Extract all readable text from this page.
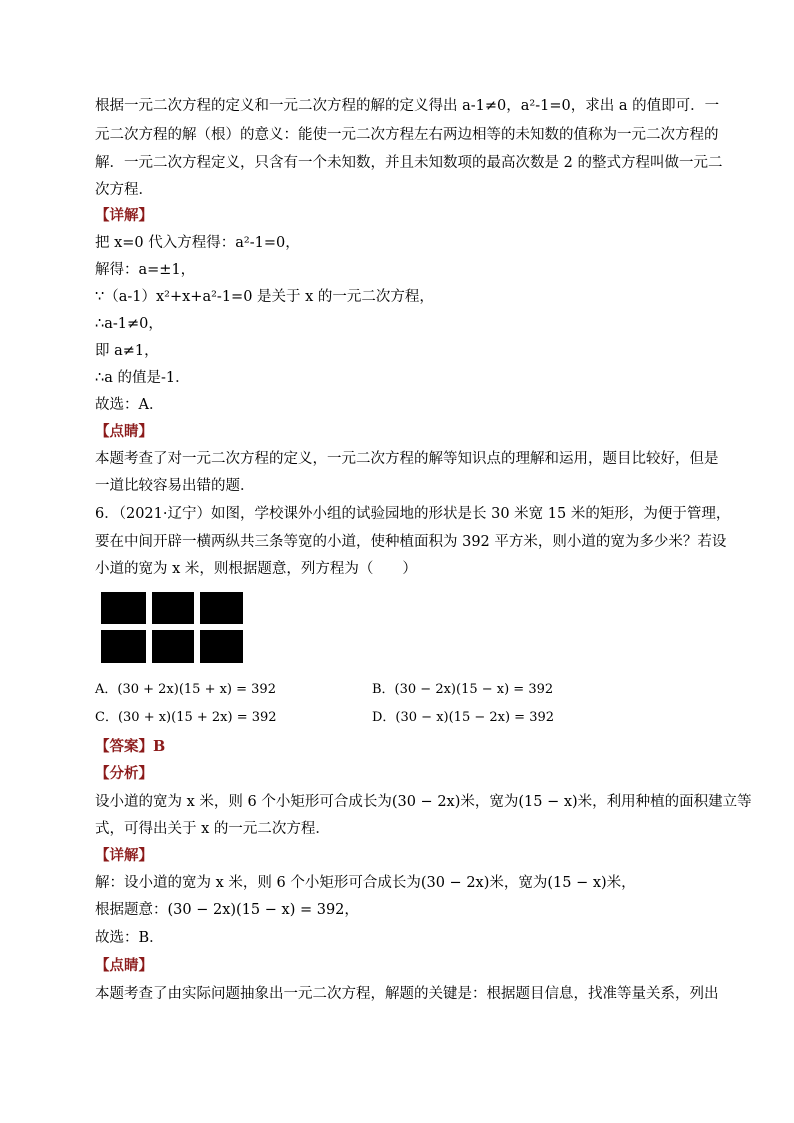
根据一元二次方程的定义和一元二次方程的解的定义得出 a-1≠0，a²-1=0，求出 a 的值即可．一
元二次方程的解（根）的意义：能使一元二次方程左右两边相等的未知数的值称为一元二次方程的
解．一元二次方程定义，只含有一个未知数，并且未知数项的最高次数是 2 的整式方程叫做一元二
次方程．
【详解】
把 x=0 代入方程得：a²-1=0，
解得：a=±1，
∵（a-1）x²+x+a²-1=0 是关于 x 的一元二次方程，
∴a-1≠0，
即 a≠1，
∴a 的值是-1．
故选：A．
【点睛】
本题考查了对一元二次方程的定义，一元二次方程的解等知识点的理解和运用，题目比较好，但是
一道比较容易出错的题．
6．（2021·辽宁）如图，学校课外小组的试验园地的形状是长 30 米宽 15 米的矩形，为便于管理，
要在中间开辟一横两纵共三条等宽的小道，使种植面积为 392 平方米，则小道的宽为多少米？若设
小道的宽为 x 米，则根据题意，列方程为（　　）
A．(30 + 2x)(15 + x) = 392	B．(30 − 2x)(15 − x) = 392
C．(30 + x)(15 + 2x) = 392	D．(30 − x)(15 − 2x) = 392
【答案】B
【分析】
设小道的宽为 x 米，则 6 个小矩形可合成长为(30 − 2x)米，宽为(15 − x)米，利用种植的面积建立等
式，可得出关于 x 的一元二次方程．
【详解】
解：设小道的宽为 x 米，则 6 个小矩形可合成长为(30 − 2x)米，宽为(15 − x)米，
根据题意：(30 − 2x)(15 − x) = 392，
故选：B．
【点睛】
本题考查了由实际问题抽象出一元二次方程，解题的关键是：根据题目信息，找准等量关系，列出
